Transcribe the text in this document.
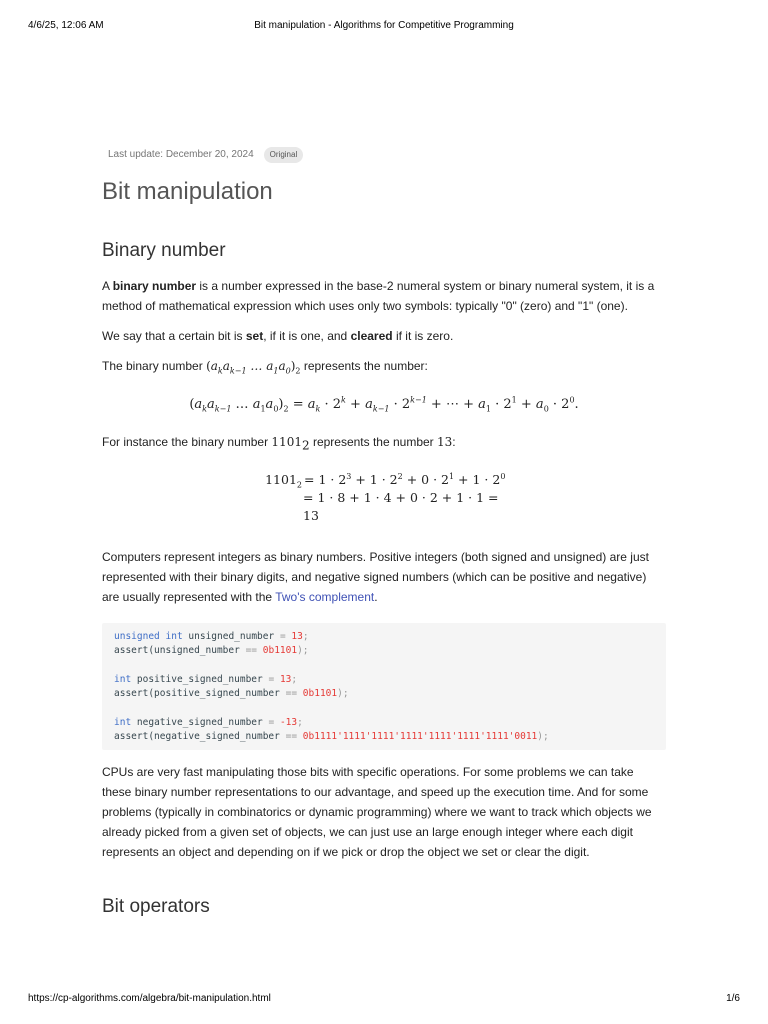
4/6/25, 12:06 AM	Bit manipulation - Algorithms for Competitive Programming
Last update: December 20, 2024	Original
Bit manipulation
Binary number

A binary number is a number expressed in the base-2 numeral system or binary numeral system, it is a method of mathematical expression which uses only two symbols: typically "0" (zero) and "1" (one).

We say that a certain bit is set, if it is one, and cleared if it is zero.

The binary number ($a_ka_{k-1}$ … $a_1a_0)_2$ represents the number:

($a_ka_{k-1}$ … $a_1a_0)_2 = a_k \cdot 2^k + a_{k-1} \cdot 2^{k-1}$ + ⋯ + $a_1 \cdot 2^1 + a_0 \cdot 2^0$.

For instance the binary number $1101_2$ represents the number 13:

$1101_2 = 1 \cdot 2^3 + 1 \cdot 2^2 + 0 \cdot 2^1 + 1 \cdot 2^0$
= 1 · 8 + 1 · 4 + 0 · 2 + 1 · 1 = 13

Computers represent integers as binary numbers. Positive integers (both signed and unsigned) are just represented with their binary digits, and negative signed numbers (which can be positive and negative) are usually represented with the Two's complement.

unsigned int unsigned_number = 13;
assert(unsigned_number == 0b1101);
int positive_signed_number = 13;
assert(positive_signed_number == 0b1101);
int negative_signed_number = -13;
assert(negative_signed_number == 0b1111'1111'1111'1111'1111'1111'1111'0011);

CPUs are very fast manipulating those bits with specific operations. For some problems we can take these binary number representations to our advantage, and speed up the execution time. And for some problems (typically in combinatorics or dynamic programming) where we want to track which objects we already picked from a given set of objects, we can just use an large enough integer where each digit represents an object and depending on if we pick or drop the object we set or clear the digit.

Bit operators
https://cp-algorithms.com/algebra/bit-manipulation.html	1/6
